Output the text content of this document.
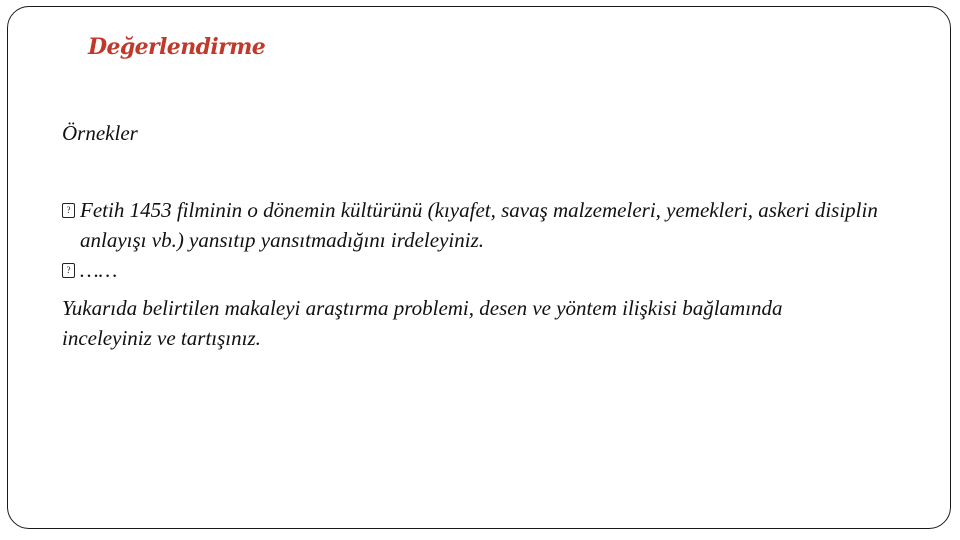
Değerlendirme

Örnekler

? Fetih 1453 filminin o dönemin kültürünü (kıyafet, savaş malzemeleri, yemekleri, askeri disiplin anlayışı vb.) yansıtıp yansıtmadığını irdeleyiniz.

? ……

Yukarıda belirtilen makaleyi araştırma problemi, desen ve yöntem ilişkisi bağlamında inceleyiniz ve tartışınız.
